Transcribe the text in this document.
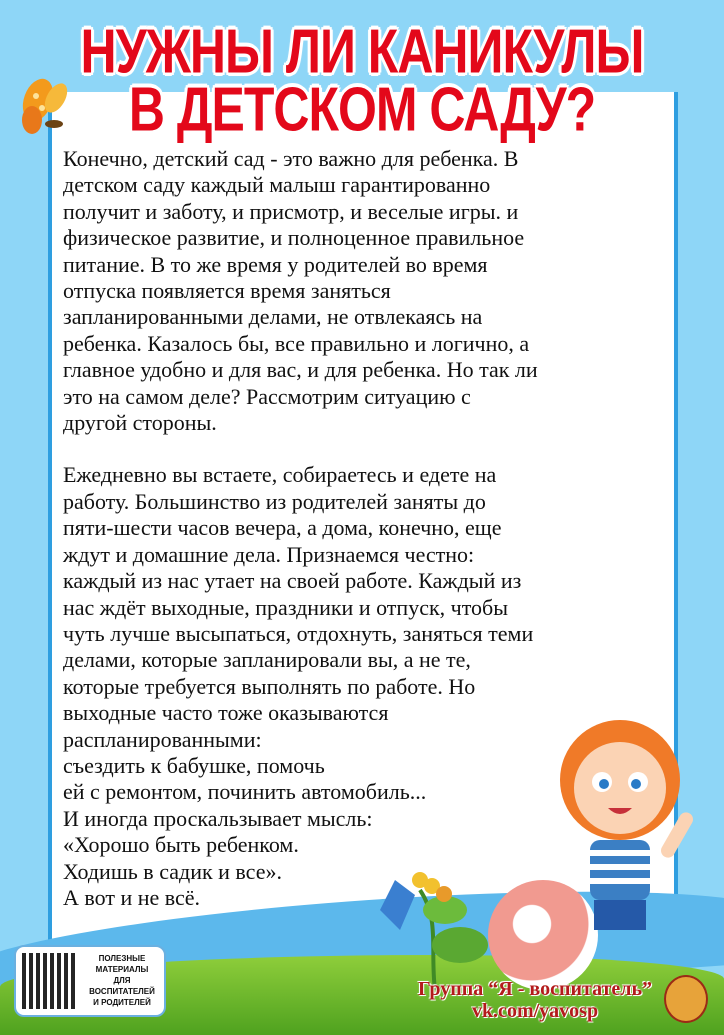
НУЖНЫ ЛИ КАНИКУЛЫ
В ДЕТСКОМ САДУ?

Конечно, детский сад - это важно для ребенка. В
детском саду каждый малыш гарантированно
получит и заботу, и присмотр, и веселые игры. и
физическое развитие, и полноценное правильное
питание. В то же время у родителей во время
отпуска появляется время заняться
запланированными делами, не отвлекаясь на
ребенка. Казалось бы, все правильно и логично, а
главное удобно и для вас, и для ребенка. Но так ли
это на самом деле? Рассмотрим ситуацию с
другой стороны.

Ежедневно вы встаете, собираетесь и едете на
работу. Большинство из родителей заняты до
пяти-шести часов вечера, а дома, конечно, еще
ждут и домашние дела. Признаемся честно:
каждый из нас утает на своей работе. Каждый из
нас ждёт выходные, праздники и отпуск, чтобы
чуть лучше высыпаться, отдохнуть, заняться теми
делами, которые запланировали вы, а не те,
которые требуется выполнять по работе. Но
выходные часто тоже оказываются
распланированными:
съездить к бабушке, помочь
ей с ремонтом, починить автомобиль...
И иногда проскальзывает мысль:
«Хорошо быть ребенком.
Ходишь в садик и все».
А вот и не всё.

ПОЛЕЗНЫЕ
МАТЕРИАЛЫ
ДЛЯ
ВОСПИТАТЕЛЕЙ
И РОДИТЕЛЕЙ
Группа “Я - воспитатель”
vk.com/yavosp
